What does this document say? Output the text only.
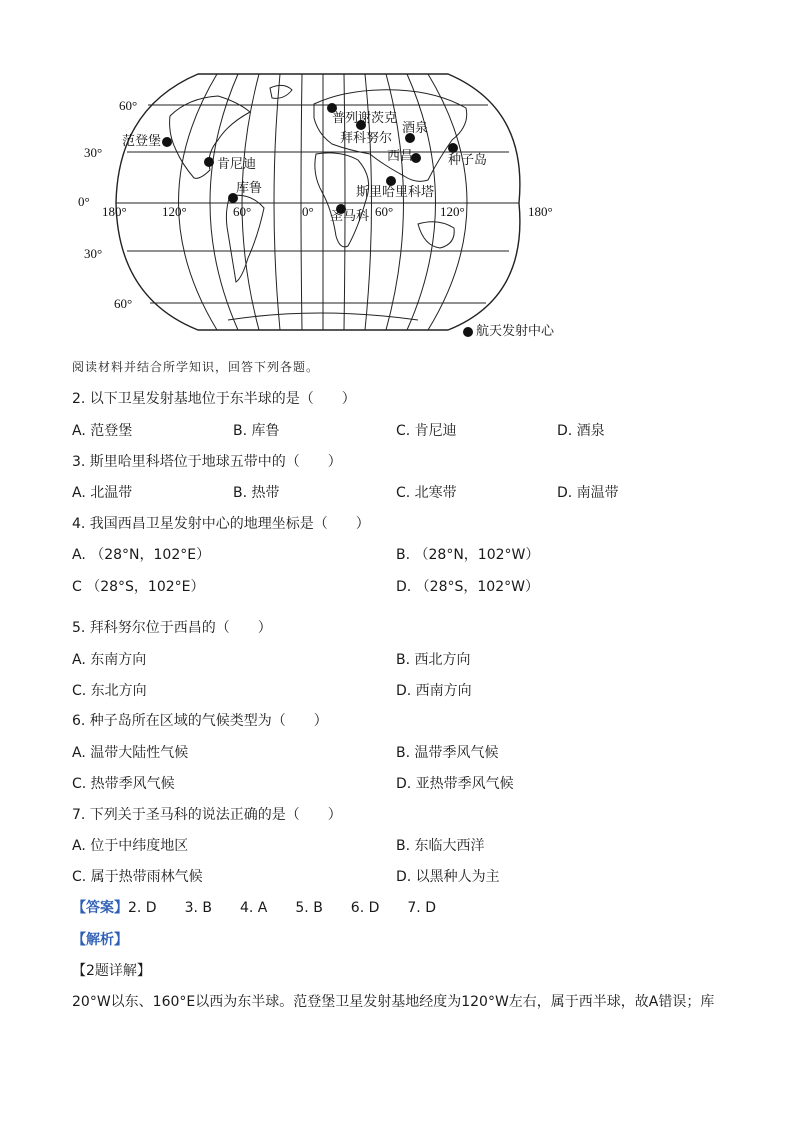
60°
30°
0°
30°
60°
180°	120°	60°	0°	60°	120°	180°
普列谢茨克
拜科努尔
酒泉
范登堡
肯尼迪
西昌	种子岛
库鲁	斯里哈里科塔
圣马科
航天发射中心
阅读材料并结合所学知识，回答下列各题。
2. 以下卫星发射基地位于东半球的是（　　）
A. 范登堡	B. 库鲁	C. 肯尼迪	D. 酒泉
3. 斯里哈里科塔位于地球五带中的（　　）
A. 北温带	B. 热带	C. 北寒带	D. 南温带
4. 我国西昌卫星发射中心的地理坐标是（　　）
A. （28°N，102°E）	B. （28°N，102°W）
C （28°S，102°E）	D. （28°S，102°W）
5. 拜科努尔位于西昌的（　　）
A. 东南方向	B. 西北方向
C. 东北方向	D. 西南方向
6. 种子岛所在区域的气候类型为（　　）
A. 温带大陆性气候	B. 温带季风气候
C. 热带季风气候	D. 亚热带季风气候
7. 下列关于圣马科的说法正确的是（　　）
A. 位于中纬度地区	B. 东临大西洋
C. 属于热带雨林气候	D. 以黑种人为主
【答案】2. D　　3. B　　4. A　　5. B　　6. D　　7. D
【解析】
【2题详解】
20°W以东、160°E以西为东半球。范登堡卫星发射基地经度为120°W左右，属于西半球，故A错误；库
